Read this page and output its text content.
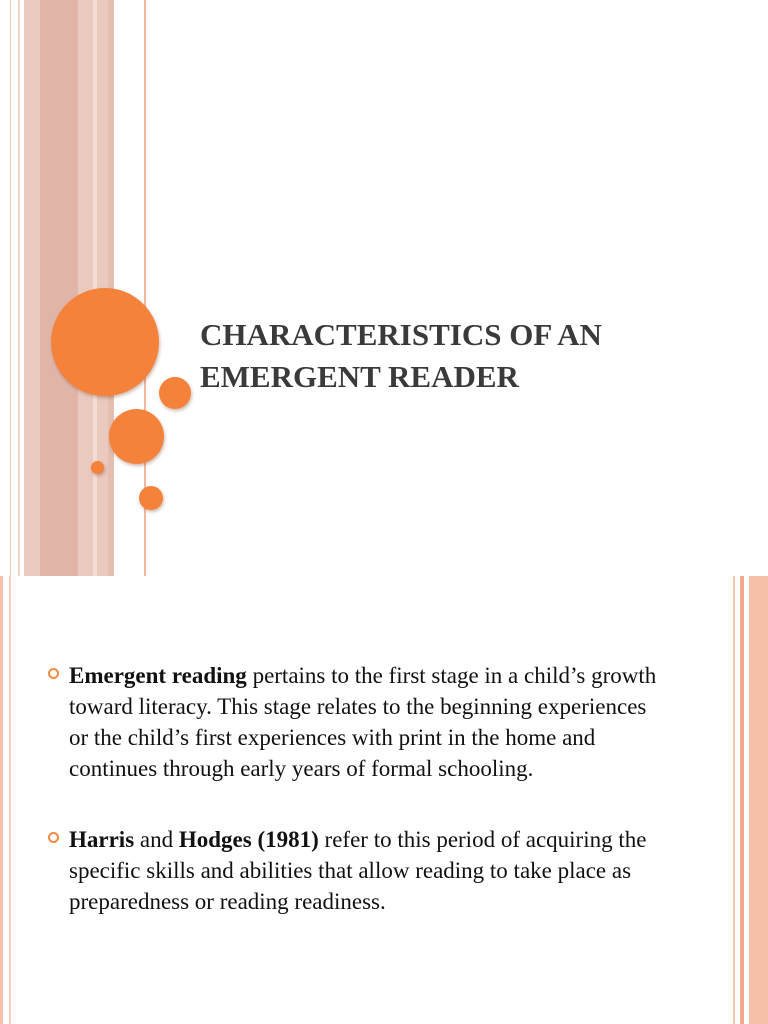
CHARACTERISTICS OF AN
EMERGENT READER
Emergent reading pertains to the first stage in a child’s growth toward literacy. This stage relates to the beginning experiences or the child’s first experiences with print in the home and continues through early years of formal schooling.
Harris and Hodges (1981) refer to this period of acquiring the specific skills and abilities that allow reading to take place as preparedness or reading readiness.
